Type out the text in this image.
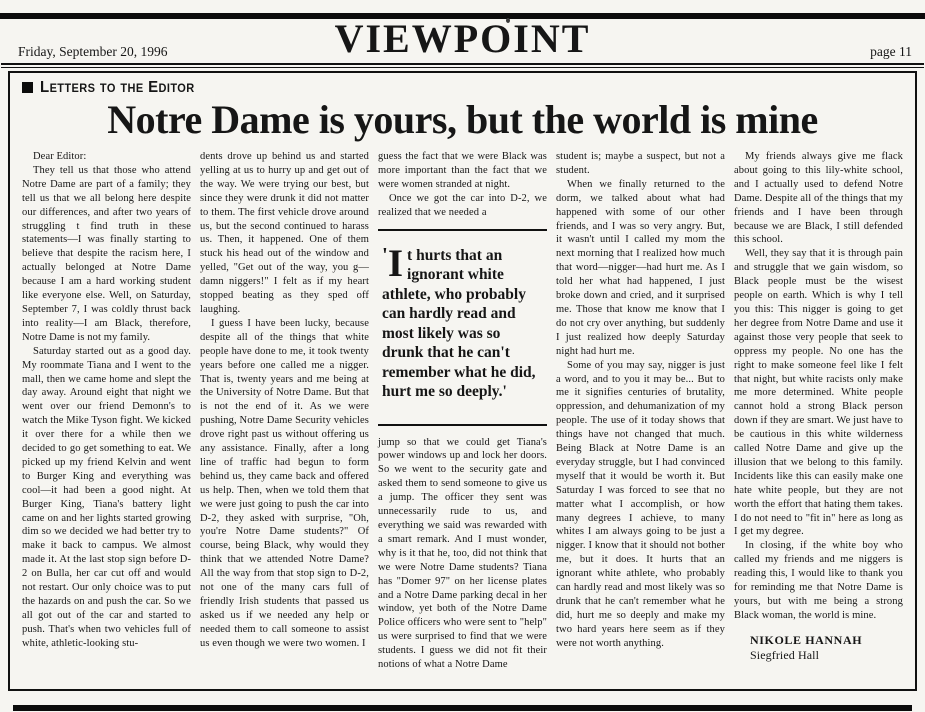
VIEWPOINT
Friday, September 20, 1996	page 11
Letters to the Editor
Notre Dame is yours, but the world is mine

Dear Editor:

They tell us that those who attend Notre Dame are part of a family; they tell us that we all belong here despite our differences, and after two years of struggling t find truth in these statements—I was finally starting to believe that despite the racism here, I actually belonged at Notre Dame because I am a hard working student like everyone else. Well, on Saturday, September 7, I was coldly thrust back into reality—I am Black, therefore, Notre Dame is not my family.

Saturday started out as a good day. My roommate Tiana and I went to the mall, then we came home and slept the day away. Around eight that night we went over our friend Demonn's to watch the Mike Tyson fight. We kicked it over there for a while then we decided to go get something to eat. We picked up my friend Kelvin and went to Burger King and everything was cool—it had been a good night. At Burger King, Tiana's battery light came on and her lights started growing dim so we decided we had better try to make it back to campus. We almost made it. At the last stop sign before D-2 on Bulla, her car cut off and would not restart. Our only choice was to put the hazards on and push the car. So we all got out of the car and started to push. That's when two vehicles full of white, athletic-looking stu-

dents drove up behind us and started yelling at us to hurry up and get out of the way. We were trying our best, but since they were drunk it did not matter to them. The first vehicle drove around us, but the second continued to harass us. Then, it happened. One of them stuck his head out of the window and yelled, "Get out of the way, you g—damn niggers!" I felt as if my heart stopped beating as they sped off laughing.

I guess I have been lucky, because despite all of the things that white people have done to me, it took twenty years before one called me a nigger. That is, twenty years and me being at the University of Notre Dame. But that is not the end of it. As we were pushing, Notre Dame Security vehicles drove right past us without offering us any assistance. Finally, after a long line of traffic had begun to form behind us, they came back and offered us help. Then, when we told them that we were just going to push the car into D-2, they asked with surprise, "Oh, you're Notre Dame students?" Of course, being Black, why would they think that we attended Notre Dame? All the way from that stop sign to D-2, not one of the many cars full of friendly Irish students that passed us asked us if we needed any help or needed them to call someone to assist us even though we were two women. I

guess the fact that we were Black was more important than the fact that we were women stranded at night.

Once we got the car into D-2, we realized that we needed a

'I t hurts that an ignorant white athlete, who probably can hardly read and most likely was so drunk that he can't remember what he did, hurt me so deeply.'

jump so that we could get Tiana's power windows up and lock her doors. So we went to the security gate and asked them to send someone to give us a jump. The officer they sent was unnecessarily rude to us, and everything we said was rewarded with a smart remark. And I must wonder, why is it that he, too, did not think that we were Notre Dame students? Tiana has "Domer 97" on her license plates and a Notre Dame parking decal in her window, yet both of the Notre Dame Police officers who were sent to "help" us were surprised to find that we were students. I guess we did not fit their notions of what a Notre Dame

student is; maybe a suspect, but not a student.

When we finally returned to the dorm, we talked about what had happened with some of our other friends, and I was so very angry. But, it wasn't until I called my mom the next morning that I realized how much that word—nigger—had hurt me. As I told her what had happened, I just broke down and cried, and it surprised me. Those that know me know that I do not cry over anything, but suddenly I just realized how deeply Saturday night had hurt me.

Some of you may say, nigger is just a word, and to you it may be... But to me it signifies centuries of brutality, oppression, and dehumanization of my people. The use of it today shows that things have not changed that much. Being Black at Notre Dame is an everyday struggle, but I had convinced myself that it would be worth it. But Saturday I was forced to see that no matter what I accomplish, or how many degrees I achieve, to many whites I am always going to be just a nigger. I know that it should not bother me, but it does. It hurts that an ignorant white athlete, who probably can hardly read and most likely was so drunk that he can't remember what he did, hurt me so deeply and make my two hard years here seem as if they were not worth anything.

My friends always give me flack about going to this lily-white school, and I actually used to defend Notre Dame. Despite all of the things that my friends and I have been through because we are Black, I still defended this school.

Well, they say that it is through pain and struggle that we gain wisdom, so Black people must be the wisest people on earth. Which is why I tell you this: This nigger is going to get her degree from Notre Dame and use it against those very people that seek to oppress my people. No one has the right to make someone feel like I felt that night, but white racists only make me more determined. White people cannot hold a strong Black person down if they are smart. We just have to be cautious in this white wilderness called Notre Dame and give up the illusion that we belong to this family. Incidents like this can easily make one hate white people, but they are not worth the effort that hating them takes. I do not need to "fit in" here as long as I get my degree.

In closing, if the white boy who called my friends and me niggers is reading this, I would like to thank you for reminding me that Notre Dame is yours, but with me being a strong Black woman, the world is mine.

NIKOLE HANNAH
Siegfried Hall
